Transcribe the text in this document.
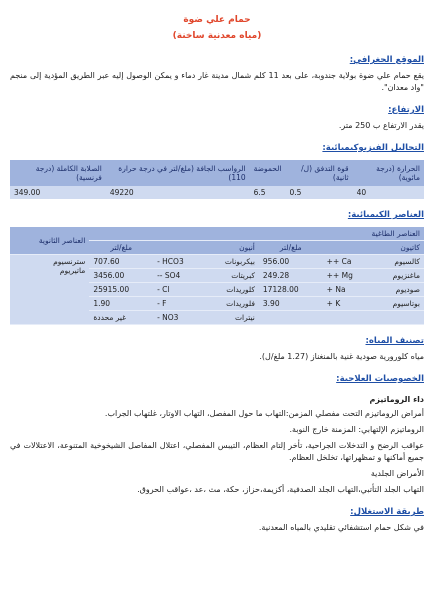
حمام علي ضوة
(مياه معدنية ساخنة)
الموقع الجغرافي:

يقع حمام علي ضوة بولاية جندوبة، على بعد 11 كلم شمال مدينة غار دماء و يمكن الوصول إليه عبر الطريق المؤدية إلى منجم "واد معدان".

الارتفاع:

يقدر الارتفاع ب 250 متر.

التحاليل الفيزيوكيميائية:
الحرارة (درجة مائوية)	قوة التدفق (ل/ثانية)	الحموضة	الرواسب الجافة (ملغ/لتر في درجة حرارة 110)	الصلابة الكاملة (درجة فرنسية)
40	0.5	6.5	49220	349.00
العناصر الكيميائية:
العناصر الطاغية						العناصر الثانوية
كاتيون		ملغ/لتر	أنيون		ملغ/لتر	
كالسيوم	Ca ++	956.00	بيكربونات	HCO3 -	707.60	سترنسيوم
ماتيريوم

ماغنزيوم	Mg ++	249.28	كبريتات	SO4 --	3456.00	
صوديوم	Na +	17128.00	كلوريدات	Cl -	25915.00	
بوتاسيوم	K +	3.90	فلوريدات	F -	1.90	
			نيترات	NO3 -	غير محددة	
تصنيف المياه:

مياه كلورورية صودية غنية بالمنغناز (1.27 ملغ/ل).

الخصوصيات العلاجية:
داء الروماتيزم

أمراض الروماتيزم التحت مفصلي المزمن:التهاب ما حول المفصل، التهاب الاوتار، غلتهاب الجراب.

الروماتيزم الإلتهابي: المزمنة خارج النوبة.

عواقب الرضح و التدخلات الجراحية، تأخر إلتام العظام، التيبس المفصلي، اعتلال المفاصل الشيخوخية المتنوعة، الاعتلالات في جميع أماكنها و تمظهراتها، تخلخل العظام.

الأمراض الجلدية

التهاب الجلد التأتبي،التهاب الجلد الصدفية، أكزيمة،حزاز، حكة، مث ،عد ،عواقب الحروق.

طريقة الاستغلال:

في شكل حمام استشفائي تقليدي بالمياه المعدنية.
